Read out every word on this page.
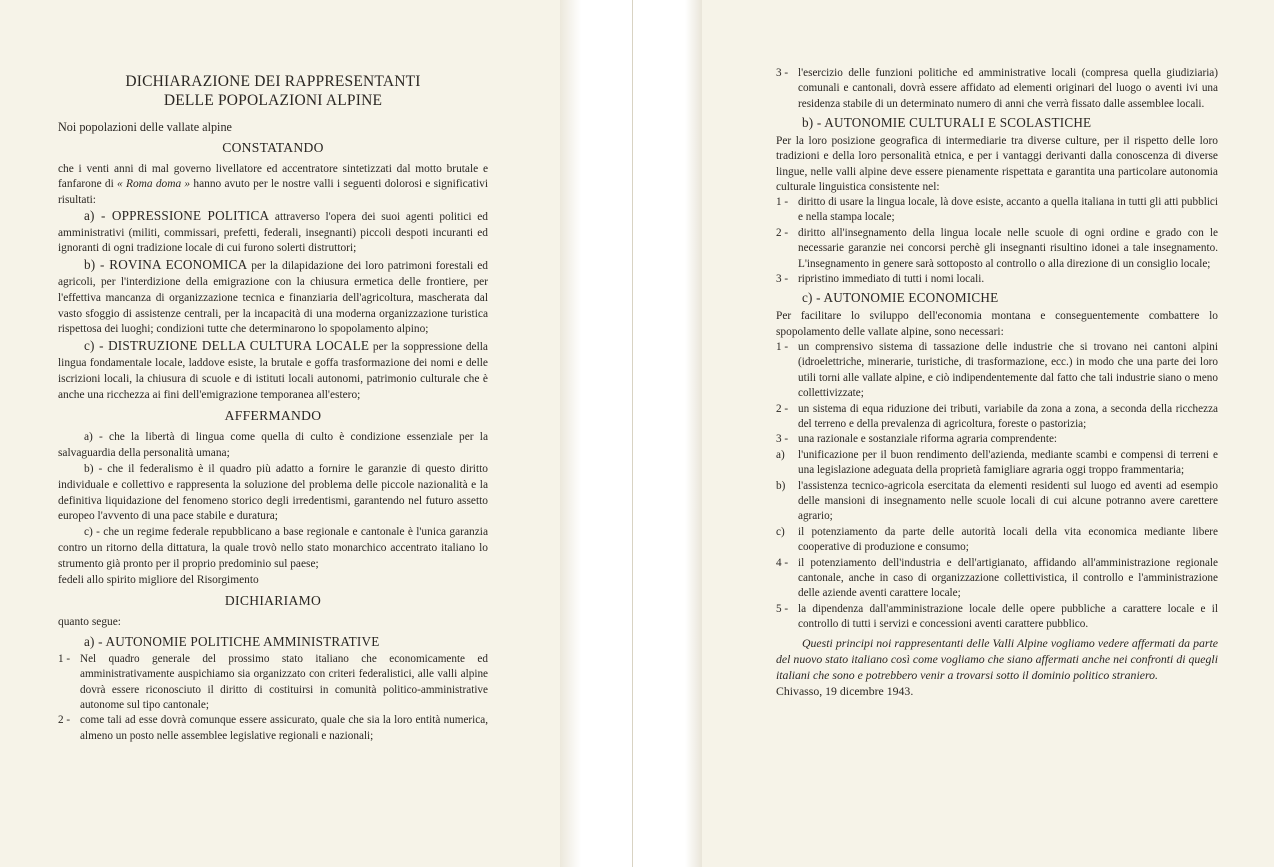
DICHIARAZIONE DEI RAPPRESENTANTI
DELLE POPOLAZIONI ALPINE

Noi popolazioni delle vallate alpine

CONSTATANDO

che i venti anni di mal governo livellatore ed accentratore sintetizzati dal motto brutale e fanfarone di « Roma doma » hanno avuto per le nostre valli i seguenti dolorosi e significativi risultati:

a) - OPPRESSIONE POLITICA attraverso l'opera dei suoi agenti politici ed amministrativi (militi, commissari, prefetti, federali, insegnanti) piccoli despoti incuranti ed ignoranti di ogni tradizione locale di cui furono solerti distruttori;

b) - ROVINA ECONOMICA per la dilapidazione dei loro patrimoni forestali ed agricoli, per l'interdizione della emigrazione con la chiusura ermetica delle frontiere, per l'effettiva mancanza di organizzazione tecnica e finanziaria dell'agricoltura, mascherata dal vasto sfoggio di assistenze centrali, per la incapacità di una moderna organizzazione turistica rispettosa dei luoghi; condizioni tutte che determinarono lo spopolamento alpino;

c) - DISTRUZIONE DELLA CULTURA LOCALE per la soppressione della lingua fondamentale locale, laddove esiste, la brutale e goffa trasformazione dei nomi e delle iscrizioni locali, la chiusura di scuole e di istituti locali autonomi, patrimonio culturale che è anche una ricchezza ai fini dell'emigrazione temporanea all'estero;

AFFERMANDO

a) - che la libertà di lingua come quella di culto è condizione essenziale per la salvaguardia della personalità umana;

b) - che il federalismo è il quadro più adatto a fornire le garanzie di questo diritto individuale e collettivo e rappresenta la soluzione del problema delle piccole nazionalità e la definitiva liquidazione del fenomeno storico degli irredentismi, garantendo nel futuro assetto europeo l'avvento di una pace stabile e duratura;

c) - che un regime federale repubblicano a base regionale e cantonale è l'unica garanzia contro un ritorno della dittatura, la quale trovò nello stato monarchico accentrato italiano lo strumento già pronto per il proprio predominio sul paese;

fedeli allo spirito migliore del Risorgimento

DICHIARIAMO

quanto segue:

a) - AUTONOMIE POLITICHE AMMINISTRATIVE
1 - Nel quadro generale del prossimo stato italiano che economicamente ed amministrativamente auspichiamo sia organizzato con criteri federalistici, alle valli alpine dovrà essere riconosciuto il diritto di costituirsi in comunità politico-amministrative autonome sul tipo cantonale;
2 - come tali ad esse dovrà comunque essere assicurato, quale che sia la loro entità numerica, almeno un posto nelle assemblee legislative regionali e nazionali;
3 - l'esercizio delle funzioni politiche ed amministrative locali (compresa quella giudiziaria) comunali e cantonali, dovrà essere affidato ad elementi originari del luogo o aventi ivi una residenza stabile di un determinato numero di anni che verrà fissato dalle assemblee locali.
b) - AUTONOMIE CULTURALI E SCOLASTICHE

Per la loro posizione geografica di intermediarie tra diverse culture, per il rispetto delle loro tradizioni e della loro personalità etnica, e per i vantaggi derivanti dalla conoscenza di diverse lingue, nelle valli alpine deve essere pienamente rispettata e garantita una particolare autonomia culturale linguistica consistente nel:

1 - diritto di usare la lingua locale, là dove esiste, accanto a quella italiana in tutti gli atti pubblici e nella stampa locale;
2 - diritto all'insegnamento della lingua locale nelle scuole di ogni ordine e grado con le necessarie garanzie nei concorsi perchè gli insegnanti risultino idonei a tale insegnamento. L'insegnamento in genere sarà sottoposto al controllo o alla direzione di un consiglio locale;
3 - ripristino immediato di tutti i nomi locali.
c) - AUTONOMIE ECONOMICHE

Per facilitare lo sviluppo dell'economia montana e conseguentemente combattere lo spopolamento delle vallate alpine, sono necessari:

1 - un comprensivo sistema di tassazione delle industrie che si trovano nei cantoni alpini (idroelettriche, minerarie, turistiche, di trasformazione, ecc.) in modo che una parte dei loro utili torni alle vallate alpine, e ciò indipendentemente dal fatto che tali industrie siano o meno collettivizzate;
2 - un sistema di equa riduzione dei tributi, variabile da zona a zona, a seconda della ricchezza del terreno e della prevalenza di agricoltura, foreste o pastorizia;
3 - una razionale e sostanziale riforma agraria comprendente:
a)	l'unificazione per il buon rendimento dell'azienda, mediante scambi e compensi di terreni e una legislazione adeguata della proprietà famigliare agraria oggi troppo frammentaria;
b)	l'assistenza tecnico-agricola esercitata da elementi residenti sul luogo ed aventi ad esempio delle mansioni di insegnamento nelle scuole locali di cui alcune potranno avere carettere agrario;
c)	il potenziamento da parte delle autorità locali della vita economica mediante libere cooperative di produzione e consumo;
4 - il potenziamento dell'industria e dell'artigianato, affidando all'amministrazione regionale cantonale, anche in caso di organizzazione collettivistica, il controllo e l'amministrazione delle aziende aventi carattere locale;
5 - la dipendenza dall'amministrazione locale delle opere pubbliche a carattere locale e il controllo di tutti i servizi e concessioni aventi carattere pubblico.

Questi principi noi rappresentanti delle Valli Alpine vogliamo vedere affermati da parte del nuovo stato italiano così come vogliamo che siano affermati anche nei confronti di quegli italiani che sono e potrebbero venir a trovarsi sotto il dominio politico straniero.

Chivasso, 19 dicembre 1943.
